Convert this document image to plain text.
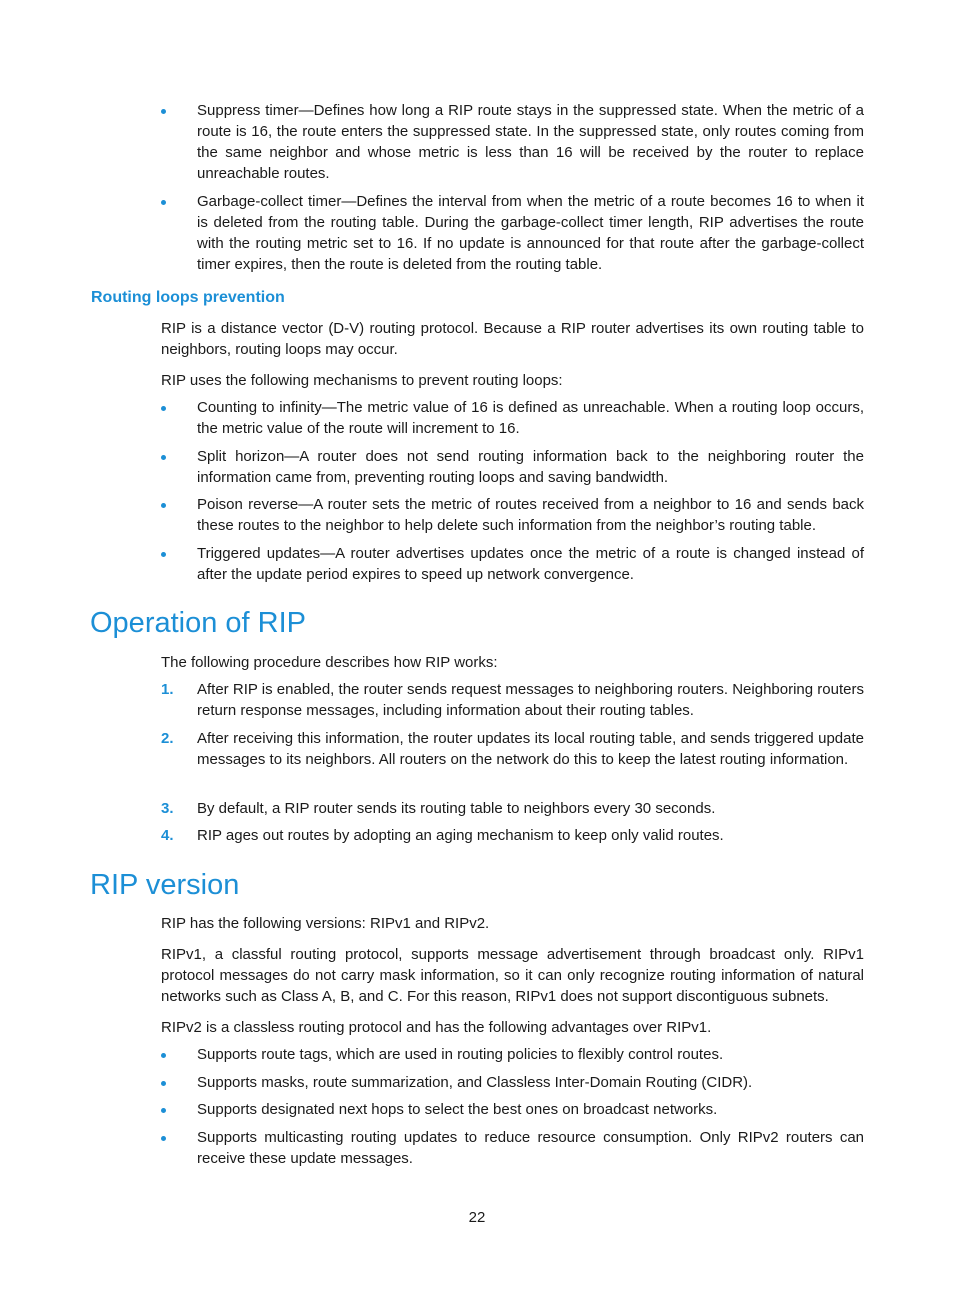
Suppress timer—Defines how long a RIP route stays in the suppressed state. When the metric of a route is 16, the route enters the suppressed state. In the suppressed state, only routes coming from the same neighbor and whose metric is less than 16 will be received by the router to replace unreachable routes.

Garbage-collect timer—Defines the interval from when the metric of a route becomes 16 to when it is deleted from the routing table. During the garbage-collect timer length, RIP advertises the route with the routing metric set to 16. If no update is announced for that route after the garbage-collect timer expires, then the route is deleted from the routing table.

Routing loops prevention

RIP is a distance vector (D-V) routing protocol. Because a RIP router advertises its own routing table to neighbors, routing loops may occur.

RIP uses the following mechanisms to prevent routing loops:

Counting to infinity—The metric value of 16 is defined as unreachable. When a routing loop occurs, the metric value of the route will increment to 16.

Split horizon—A router does not send routing information back to the neighboring router the information came from, preventing routing loops and saving bandwidth.

Poison reverse—A router sets the metric of routes received from a neighbor to 16 and sends back these routes to the neighbor to help delete such information from the neighbor’s routing table.

Triggered updates—A router advertises updates once the metric of a route is changed instead of after the update period expires to speed up network convergence.

Operation of RIP

The following procedure describes how RIP works:

1. After RIP is enabled, the router sends request messages to neighboring routers. Neighboring routers return response messages, including information about their routing tables.

2. After receiving this information, the router updates its local routing table, and sends triggered update messages to its neighbors. All routers on the network do this to keep the latest routing information.

3. By default, a RIP router sends its routing table to neighbors every 30 seconds.

4. RIP ages out routes by adopting an aging mechanism to keep only valid routes.

RIP version

RIP has the following versions: RIPv1 and RIPv2.

RIPv1, a classful routing protocol, supports message advertisement through broadcast only. RIPv1 protocol messages do not carry mask information, so it can only recognize routing information of natural networks such as Class A, B, and C. For this reason, RIPv1 does not support discontiguous subnets.

RIPv2 is a classless routing protocol and has the following advantages over RIPv1.

Supports route tags, which are used in routing policies to flexibly control routes.

Supports masks, route summarization, and Classless Inter-Domain Routing (CIDR).

Supports designated next hops to select the best ones on broadcast networks.

Supports multicasting routing updates to reduce resource consumption. Only RIPv2 routers can receive these update messages.

22
